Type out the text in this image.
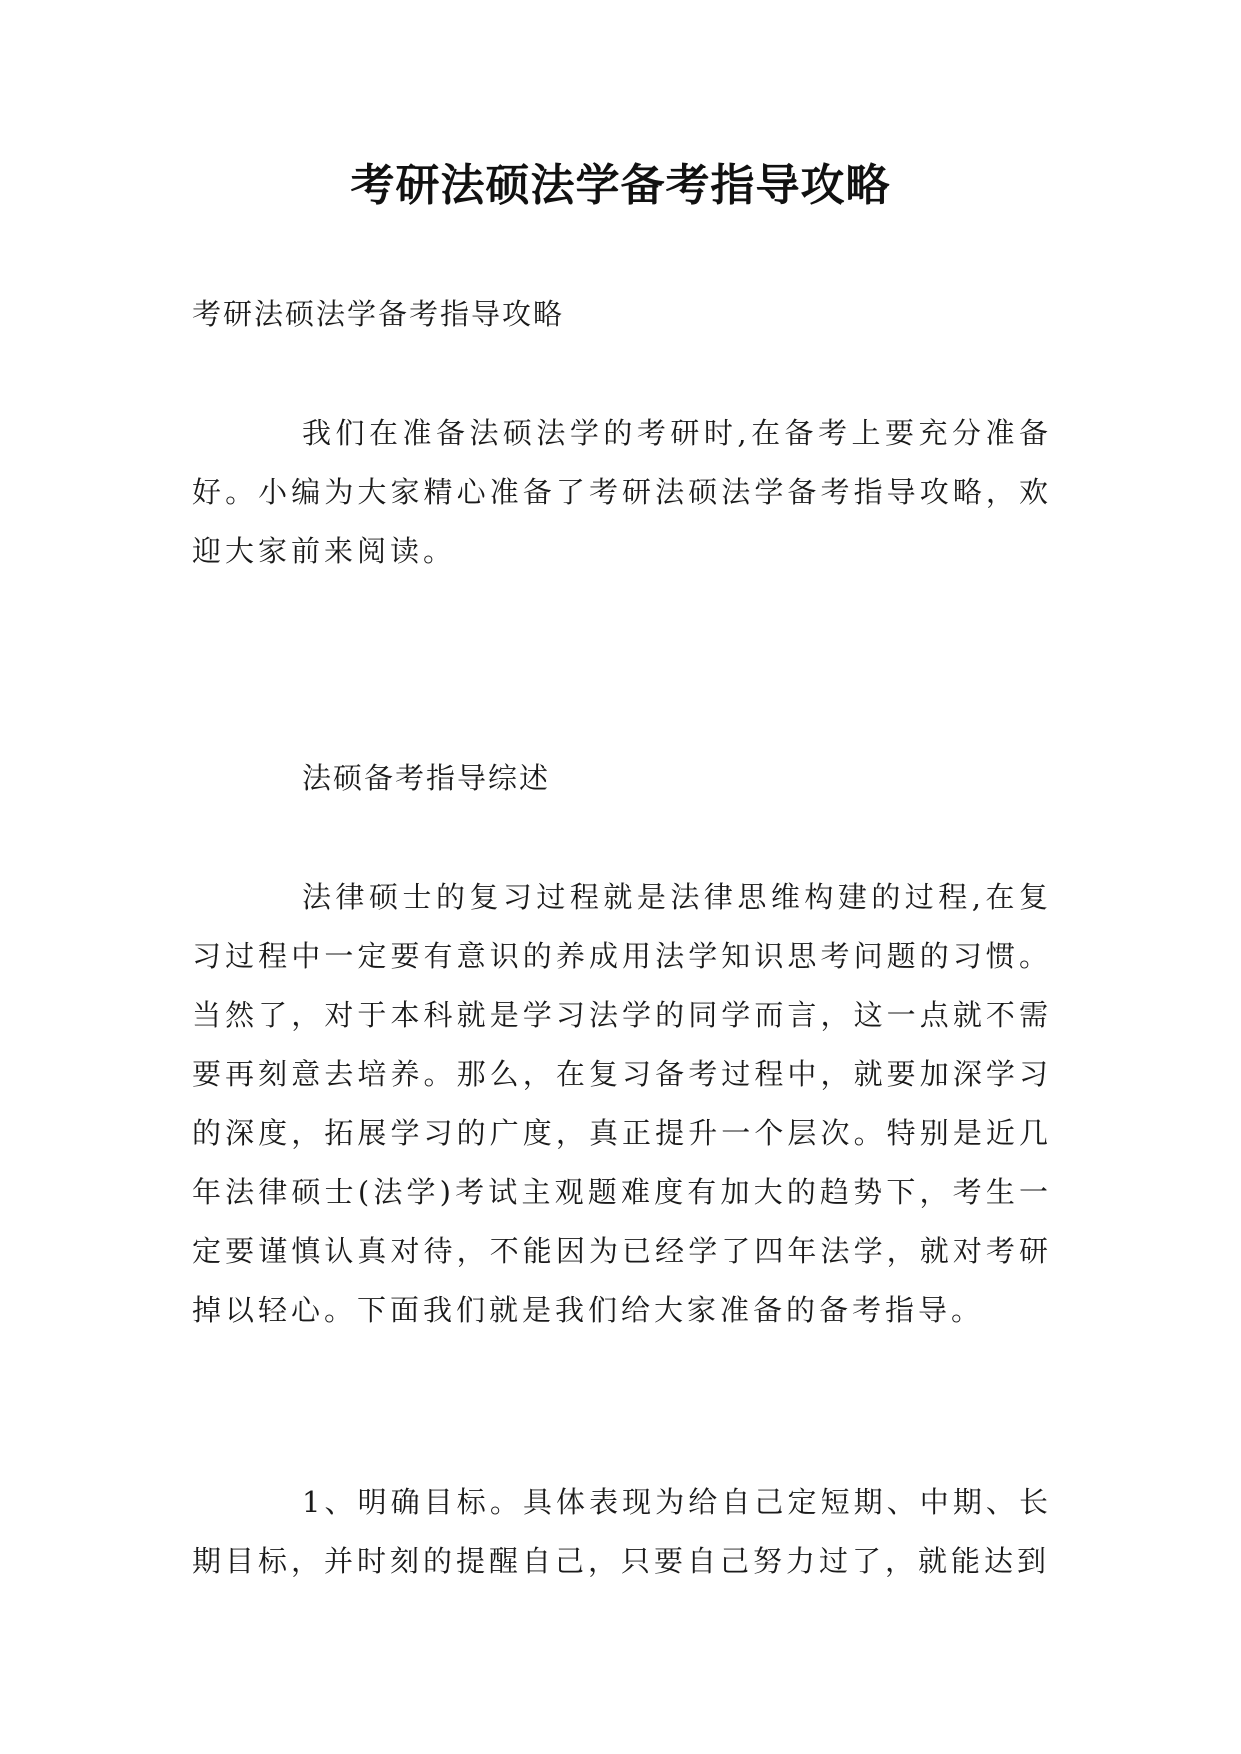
考研法硕法学备考指导攻略
考研法硕法学备考指导攻略

我们在准备法硕法学的考研时,在备考上要充分准备好。小编为大家精心准备了考研法硕法学备考指导攻略，欢迎大家前来阅读。

法硕备考指导综述

法律硕士的复习过程就是法律思维构建的过程,在复习过程中一定要有意识的养成用法学知识思考问题的习惯。当然了，对于本科就是学习法学的同学而言，这一点就不需要再刻意去培养。那么，在复习备考过程中，就要加深学习的深度，拓展学习的广度，真正提升一个层次。特别是近几年法律硕士(法学)考试主观题难度有加大的趋势下，考生一定要谨慎认真对待，不能因为已经学了四年法学，就对考研掉以轻心。下面我们就是我们给大家准备的备考指导。

1、明确目标。具体表现为给自己定短期、中期、长期目标，并时刻的提醒自己，只要自己努力过了，就能达到
